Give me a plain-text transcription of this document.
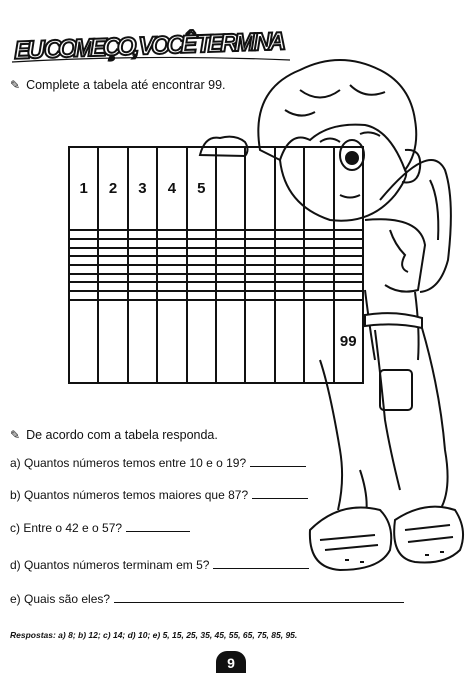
EU COMEÇO, VOCÊ TERMINA
✎ Complete a tabela até encontrar 99.
1	2	3	4	5					

									99
✎ De acordo com a tabela responda.
a) Quantos números temos entre 10 e o 19?
b) Quantos números temos maiores que 87?
c) Entre o 42 e o 57?
d) Quantos números terminam em 5?
e) Quais são eles?
Respostas: a) 8; b) 12; c) 14; d) 10; e) 5, 15, 25, 35, 45, 55, 65, 75, 85, 95.
9
